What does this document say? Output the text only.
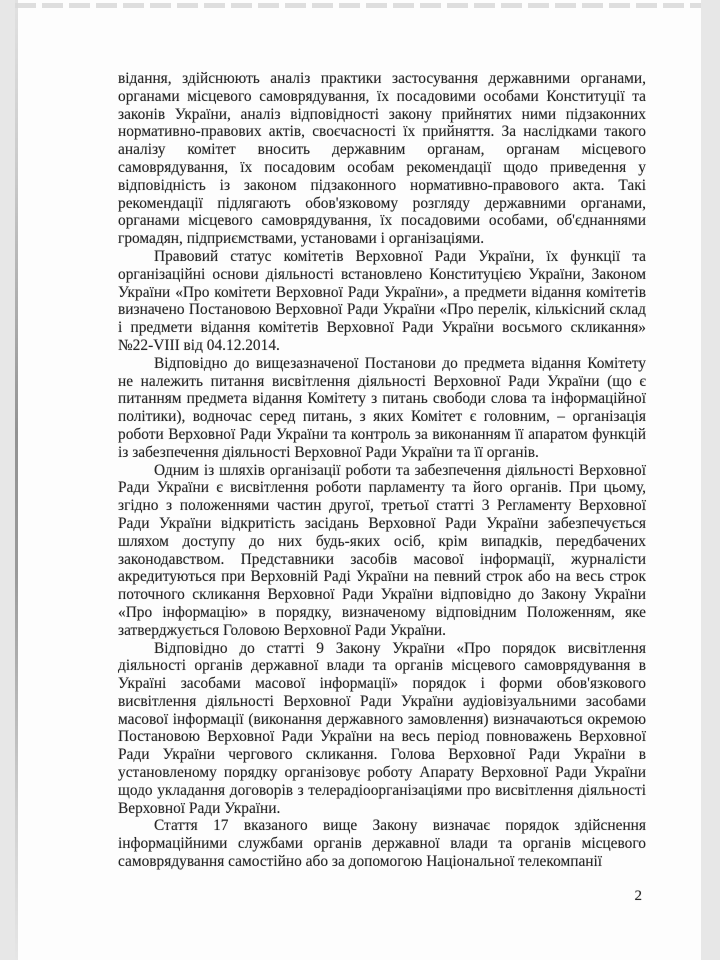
відання, здійснюють аналіз практики застосування державними органами, органами місцевого самоврядування, їх посадовими особами Конституції та законів України, аналіз відповідності закону прийнятих ними підзаконних нормативно-правових актів, своєчасності їх прийняття. За наслідками такого аналізу комітет вносить державним органам, органам місцевого самоврядування, їх посадовим особам рекомендації щодо приведення у відповідність із законом підзаконного нормативно-правового акта. Такі рекомендації підлягають обов'язковому розгляду державними органами, органами місцевого самоврядування, їх посадовими особами, об'єднаннями громадян, підприємствами, установами і організаціями.

Правовий статус комітетів Верховної Ради України, їх функції та організаційні основи діяльності встановлено Конституцією України, Законом України «Про комітети Верховної Ради України», а предмети відання комітетів визначено Постановою Верховної Ради України «Про перелік, кількісний склад і предмети відання комітетів Верховної Ради України восьмого скликання» №22-VIII від 04.12.2014.

Відповідно до вищезазначеної Постанови до предмета відання Комітету не належить питання висвітлення діяльності Верховної Ради України (що є питанням предмета відання Комітету з питань свободи слова та інформаційної політики), водночас серед питань, з яких Комітет є головним, – організація роботи Верховної Ради України та контроль за виконанням її апаратом функцій із забезпечення діяльності Верховної Ради України та її органів.

Одним із шляхів організації роботи та забезпечення діяльності Верховної Ради України є висвітлення роботи парламенту та його органів. При цьому, згідно з положеннями частин другої, третьої статті 3 Регламенту Верховної Ради України відкритість засідань Верховної Ради України забезпечується шляхом доступу до них будь-яких осіб, крім випадків, передбачених законодавством. Представники засобів масової інформації, журналісти акредитуються при Верховній Раді України на певний строк або на весь строк поточного скликання Верховної Ради України відповідно до Закону України «Про інформацію» в порядку, визначеному відповідним Положенням, яке затверджується Головою Верховної Ради України.

Відповідно до статті 9 Закону України «Про порядок висвітлення діяльності органів державної влади та органів місцевого самоврядування в Україні засобами масової інформації» порядок і форми обов'язкового висвітлення діяльності Верховної Ради України аудіовізуальними засобами масової інформації (виконання державного замовлення) визначаються окремою Постановою Верховної Ради України на весь період повноважень Верховної Ради України чергового скликання. Голова Верховної Ради України в установленому порядку організовує роботу Апарату Верховної Ради України щодо укладання договорів з телерадіоорганізаціями про висвітлення діяльності Верховної Ради України.

Стаття 17 вказаного вище Закону визначає порядок здійснення інформаційними службами органів державної влади та органів місцевого самоврядування самостійно або за допомогою Національної телекомпанії

2
